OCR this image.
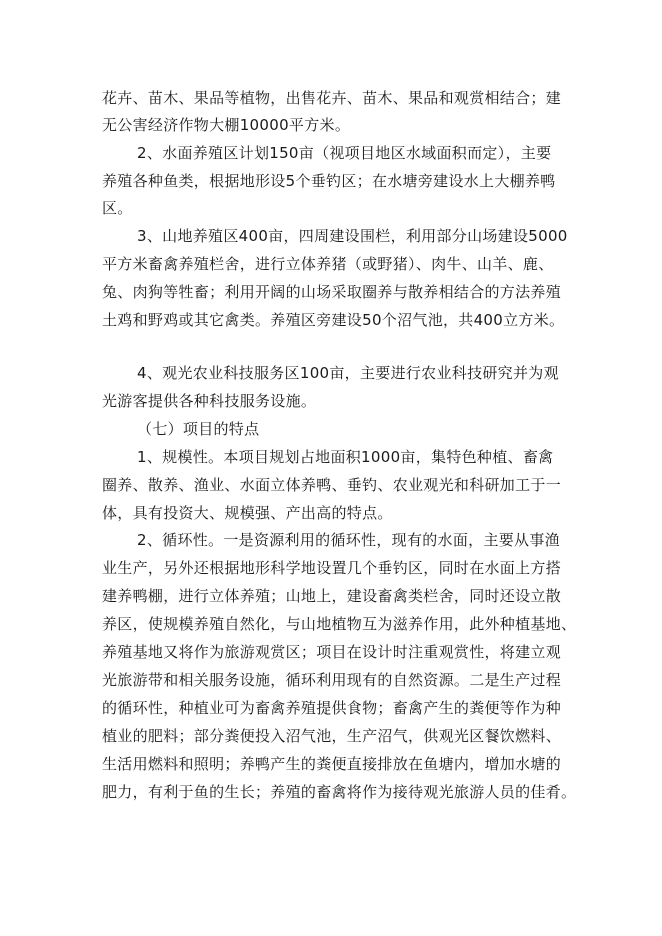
花卉、苗木、果品等植物，出售花卉、苗木、果品和观赏相结合；建
无公害经济作物大棚10000平方米。
2、水面养殖区计划150亩（视项目地区水域面积而定），主要
养殖各种鱼类，根据地形设5个垂钓区；在水塘旁建设水上大棚养鸭
区。
3、山地养殖区400亩，四周建设围栏，利用部分山场建设5000
平方米畜禽养殖栏舍，进行立体养猪（或野猪）、肉牛、山羊、鹿、
兔、肉狗等牲畜；利用开阔的山场采取圈养与散养相结合的方法养殖
土鸡和野鸡或其它禽类。养殖区旁建设50个沼气池，共400立方米。
4、观光农业科技服务区100亩，主要进行农业科技研究并为观
光游客提供各种科技服务设施。
（七）项目的特点
1、规模性。本项目规划占地面积1000亩，集特色种植、畜禽
圈养、散养、渔业、水面立体养鸭、垂钓、农业观光和科研加工于一
体，具有投资大、规模强、产出高的特点。
2、循环性。一是资源利用的循环性，现有的水面，主要从事渔
业生产，另外还根据地形科学地设置几个垂钓区，同时在水面上方搭
建养鸭棚，进行立体养殖；山地上，建设畜禽类栏舍，同时还设立散
养区，使规模养殖自然化，与山地植物互为滋养作用，此外种植基地、
养殖基地又将作为旅游观赏区；项目在设计时注重观赏性，将建立观
光旅游带和相关服务设施，循环利用现有的自然资源。二是生产过程
的循环性，种植业可为畜禽养殖提供食物；畜禽产生的粪便等作为种
植业的肥料；部分粪便投入沼气池，生产沼气，供观光区餐饮燃料、
生活用燃料和照明；养鸭产生的粪便直接排放在鱼塘内，增加水塘的
肥力，有利于鱼的生长；养殖的畜禽将作为接待观光旅游人员的佳肴。
